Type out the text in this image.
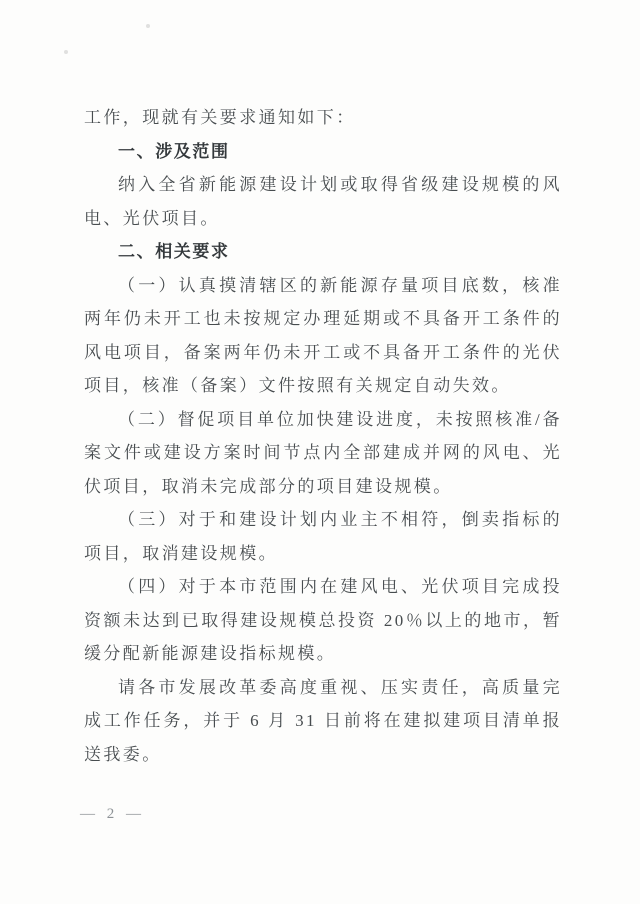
工作，现就有关要求通知如下：

一、涉及范围

纳入全省新能源建设计划或取得省级建设规模的风电、光伏项目。

二、相关要求

（一）认真摸清辖区的新能源存量项目底数，核准两年仍未开工也未按规定办理延期或不具备开工条件的风电项目，备案两年仍未开工或不具备开工条件的光伏项目，核准（备案）文件按照有关规定自动失效。

（二）督促项目单位加快建设进度，未按照核准/备案文件或建设方案时间节点内全部建成并网的风电、光伏项目，取消未完成部分的项目建设规模。

（三）对于和建设计划内业主不相符，倒卖指标的项目，取消建设规模。

（四）对于本市范围内在建风电、光伏项目完成投资额未达到已取得建设规模总投资 20％以上的地市，暂缓分配新能源建设指标规模。

请各市发展改革委高度重视、压实责任，高质量完成工作任务，并于 6 月 31 日前将在建拟建项目清单报送我委。

— 2 —
